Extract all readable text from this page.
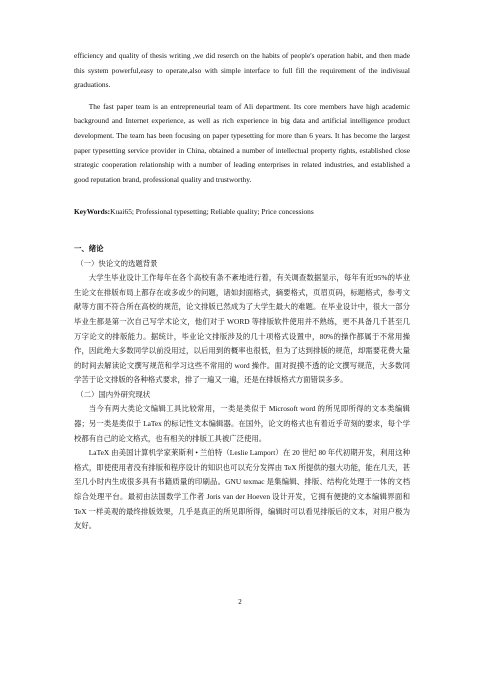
efficiency and quality of thesis writing ,we did reserch on the habits of people's operation habit, and then made this system powerful,easy to operate,also with simple interface to full fill the requirement of the indivisual graduations.

The fast paper team is an entrepreneurial team of Ali department. Its core members have high academic background and Internet experience, as well as rich experience in big data and artificial intelligence product development. The team has been focusing on paper typesetting for more than 6 years. It has become the largest paper typesetting service provider in China, obtained a number of intellectual property rights, established close strategic cooperation relationship with a number of leading enterprises in related industries, and established a good reputation brand, professional quality and trustworthy.

KeyWords:Kuai65; Professional typesetting; Reliable quality; Price concessions

一、绪论

（一）快论文的选题背景

大学生毕业设计工作每年在各个高校有条不紊地进行着，有关调查数据显示，每年有近95%的毕业生论文在排版布局上都存在或多或少的问题，诸如封面格式，摘要格式，页眉页码，标题格式，参考文献等方面不符合所在高校的规范，论文排版已然成为了大学生最大的难题。在毕业设计中，很大一部分毕业生都是第一次自己写学术论文，他们对于 WORD 等排版软件使用并不熟练，更不具备几千甚至几万字论文的排版能力。据统计，毕业论文排版涉及的几十项格式设置中，80%的操作都属于不常用操作，因此绝大多数同学以前没用过，以后用到的概率也很低，但为了达到排版的规范，却需要花费大量的时间去解读论文撰写规范和学习这些不常用的 word 操作。面对捉摸不透的论文撰写规范，大多数同学苦于论文排版的各种格式要求，排了一遍又一遍，还是在排版格式方面错误多多。

（二）国内外研究现状

当今有两大类论文编辑工具比较常用，一类是类似于 Microsoft word 的所见即所得的文本类编辑器；另一类是类似于 LaTex 的标记性文本编辑器。在国外，论文的格式也有着近乎苛刻的要求，每个学校都有自己的论文格式，也有相关的排版工具被广泛使用。

LaTeX 由美国计算机学家莱斯利 • 兰伯特（Leslie Lamport）在 20 世纪 80 年代初期开发，利用这种格式，即使使用者没有排版和程序设计的知识也可以充分发挥由 TeX 所提供的强大功能，能在几天，甚至几小时内生成很多具有书籍质量的印刷品。GNU texmac 是集编辑、排版、结构化处理于一体的文档综合处理平台。最初由法国数学工作者 Joris van der Hoeven 设计开发，它拥有便捷的文本编辑界面和 TeX 一样美观的最终排版效果，几乎是真正的所见即所得，编辑时可以看见排版后的文本，对用户极为友好。

2
